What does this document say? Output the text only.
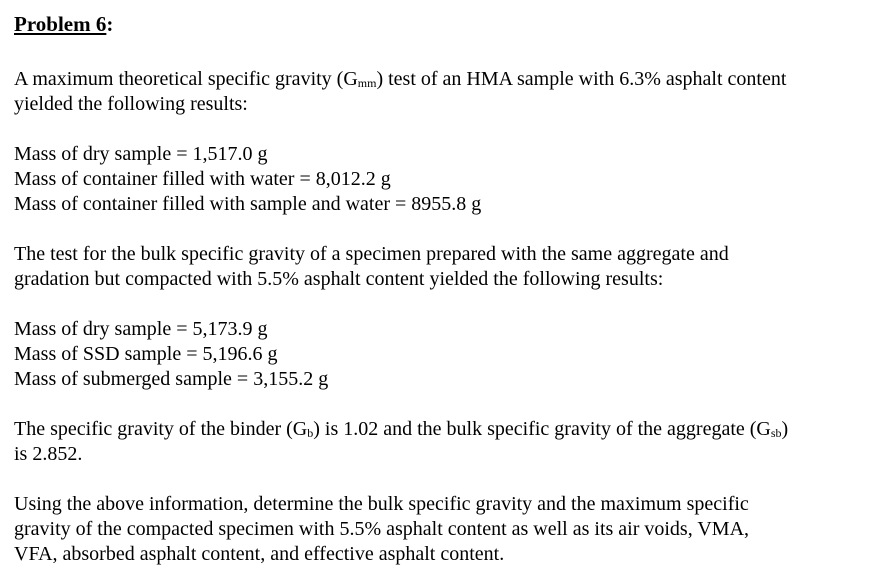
Problem 6:

A maximum theoretical specific gravity $(G_{mm})$ test of an HMA sample with 6.3% asphalt content

yielded the following results:

Mass of dry sample = 1,517.0 g

Mass of container filled with water = 8,012.2 g

Mass of container filled with sample and water = 8955.8 g

The test for the bulk specific gravity of a specimen prepared with the same aggregate and

gradation but compacted with 5.5% asphalt content yielded the following results:

Mass of dry sample = 5,173.9 g

Mass of SSD sample = 5,196.6 g

Mass of submerged sample = 3,155.2 g

The specific gravity of the binder $(G_b)$ is 1.02 and the bulk specific gravity of the aggregate $(G_{sb})$

is 2.852.

Using the above information, determine the bulk specific gravity and the maximum specific

gravity of the compacted specimen with 5.5% asphalt content as well as its air voids, VMA,

VFA, absorbed asphalt content, and effective asphalt content.
